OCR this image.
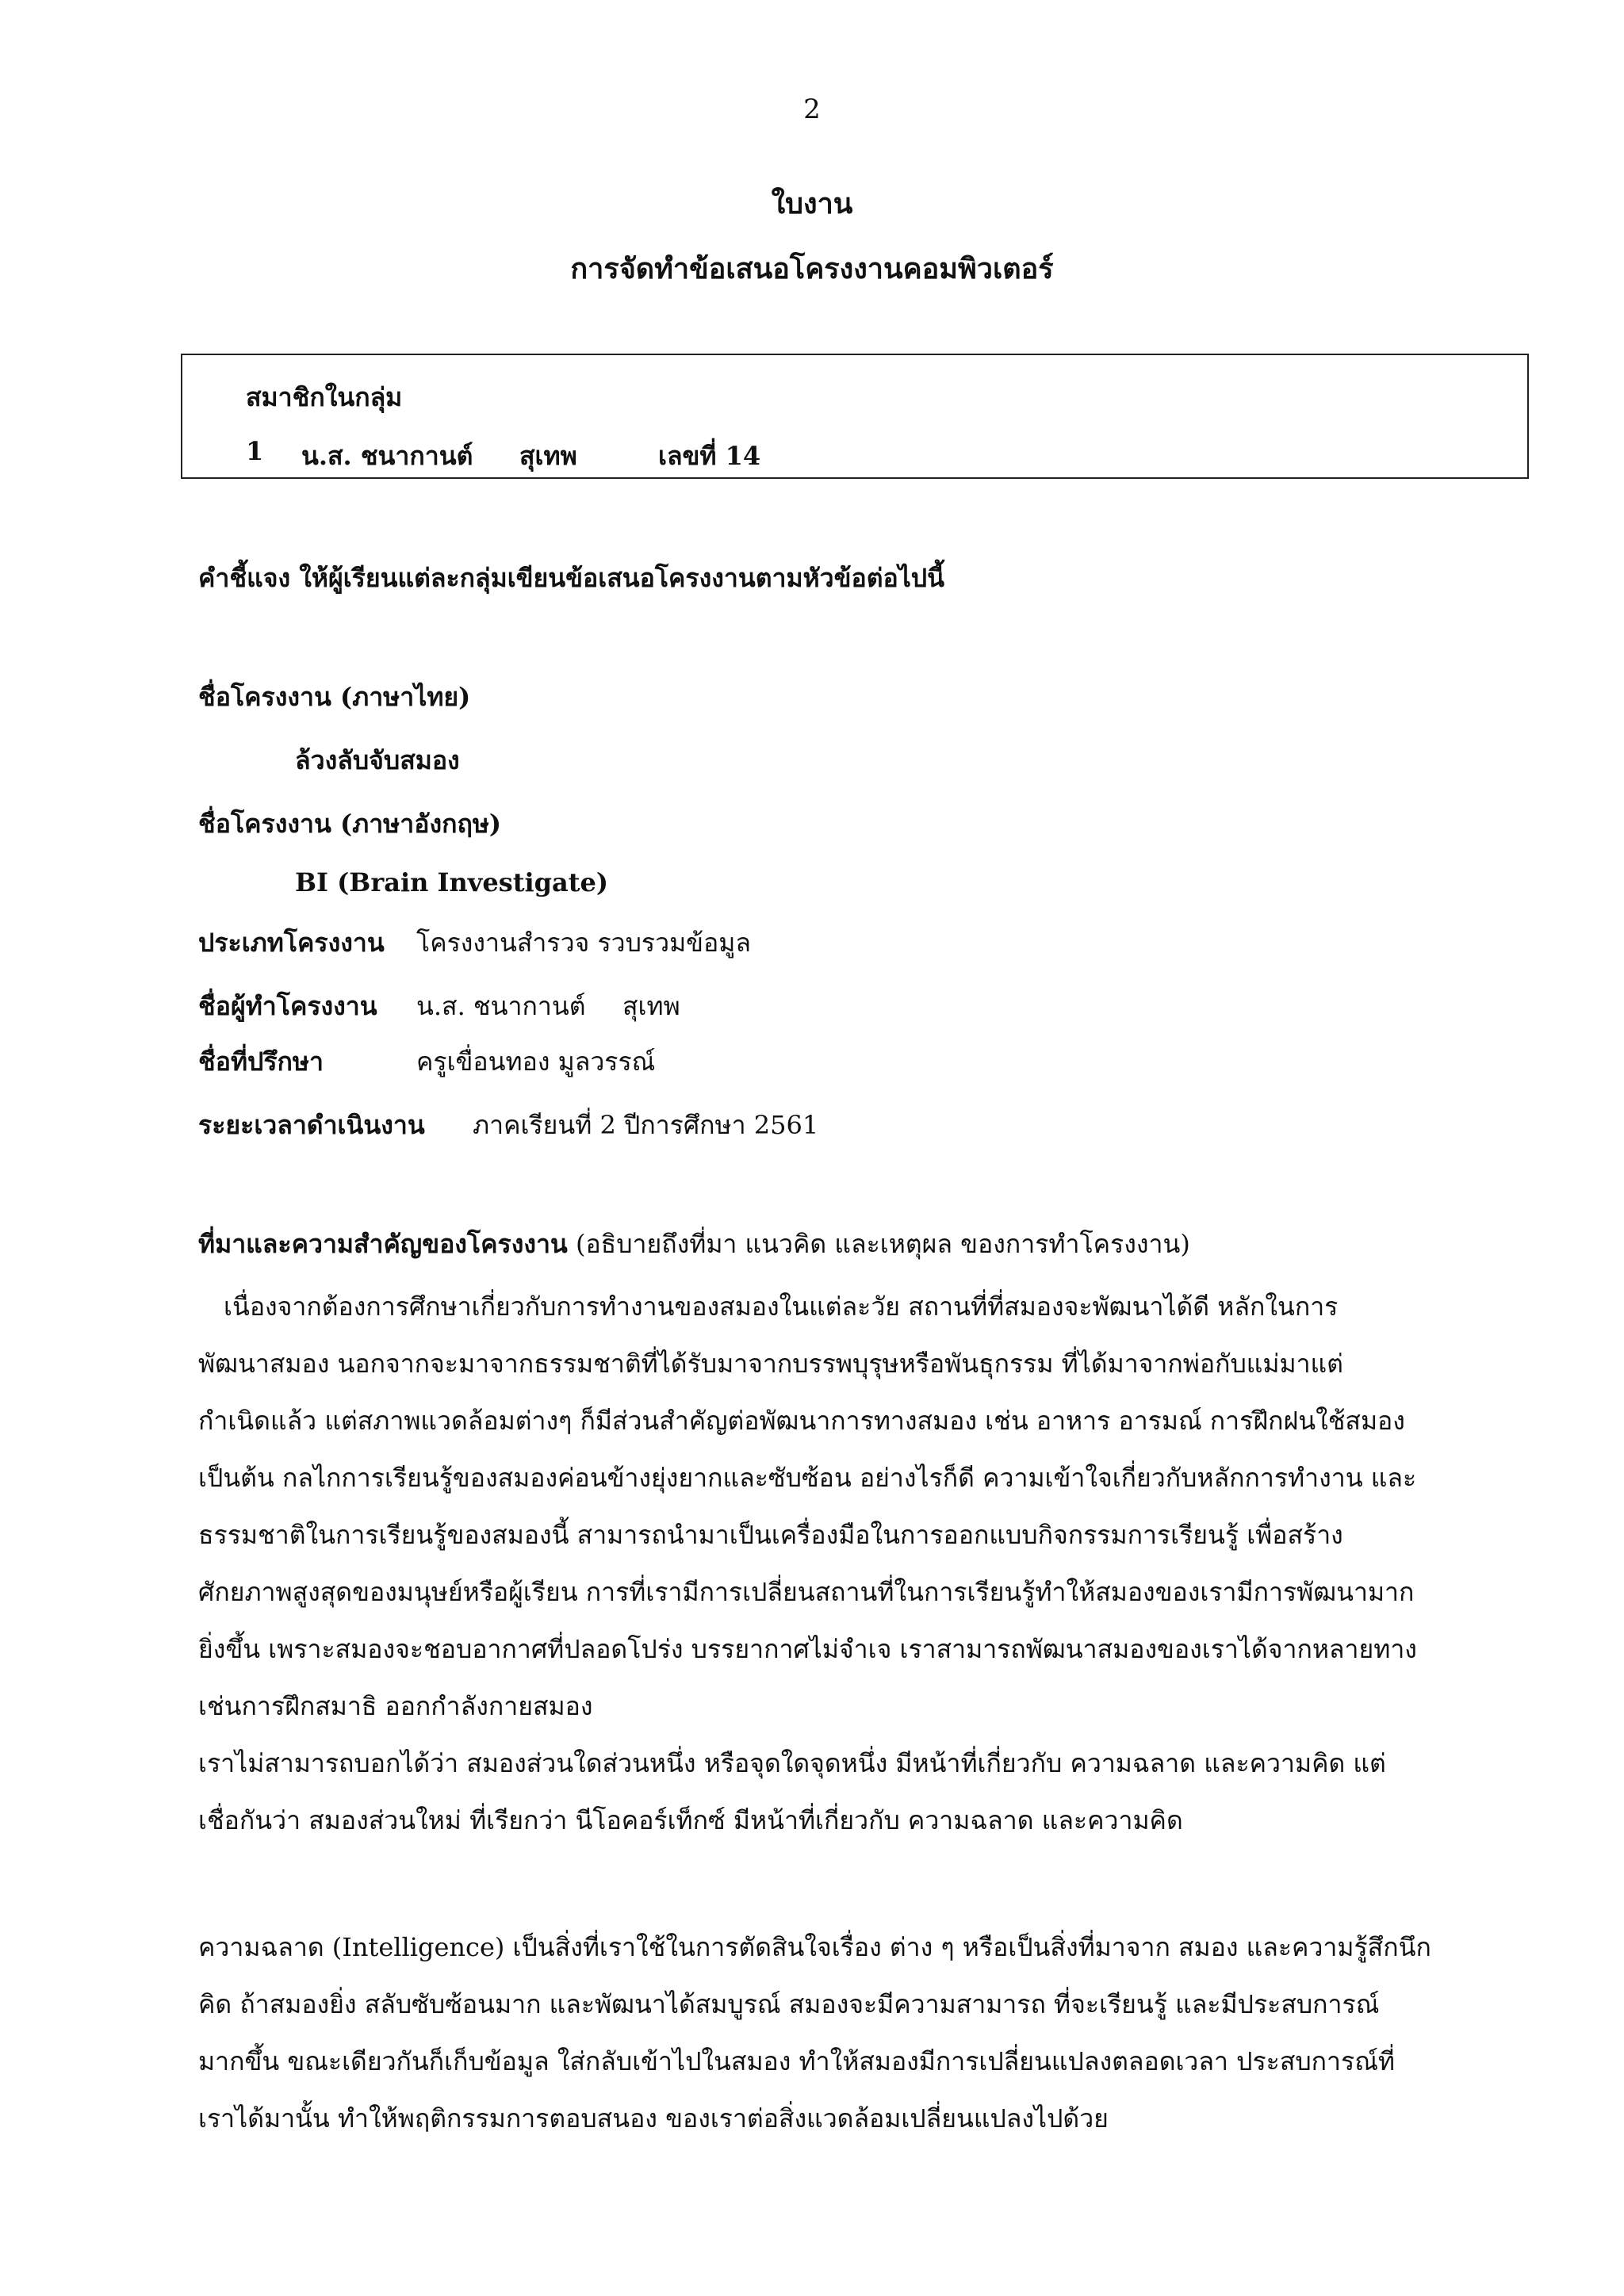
2
ใบงาน
การจัดทำข้อเสนอโครงงานคอมพิวเตอร์
สมาชิกในกลุ่ม
1 น.ส. ชนากานต์ สุเทพ	เลขที่ 14
คำชี้แจง ให้ผู้เรียนแต่ละกลุ่มเขียนข้อเสนอโครงงานตามหัวข้อต่อไปนี้
ชื่อโครงงาน (ภาษาไทย)
ล้วงลับจับสมอง
ชื่อโครงงาน (ภาษาอังกฤษ)
BI (Brain Investigate)
ประเภทโครงงาน โครงงานสำรวจ รวบรวมข้อมูล
ชื่อผู้ทำโครงงาน น.ส. ชนากานต์ สุเทพ
ชื่อที่ปรึกษา	ครูเขื่อนทอง มูลวรรณ์
ระยะเวลาดำเนินงาน ภาคเรียนที่ 2 ปีการศึกษา 2561
ที่มาและความสำคัญของโครงงาน (อธิบายถึงที่มา แนวคิด และเหตุผล ของการทำโครงงาน)

เนื่องจากต้องการศึกษาเกี่ยวกับการทำงานของสมองในแต่ละวัย สถานที่ที่สมองจะพัฒนาได้ดี หลักในการ

พัฒนาสมอง นอกจากจะมาจากธรรมชาติที่ได้รับมาจากบรรพบุรุษหรือพันธุกรรม ที่ได้มาจากพ่อกับแม่มาแต่

กำเนิดแล้ว แต่สภาพแวดล้อมต่างๆ ก็มีส่วนสำคัญต่อพัฒนาการทางสมอง เช่น อาหาร อารมณ์ การฝึกฝนใช้สมอง

เป็นต้น กลไกการเรียนรู้ของสมองค่อนข้างยุ่งยากและซับซ้อน อย่างไรก็ดี ความเข้าใจเกี่ยวกับหลักการทำงาน และ

ธรรมชาติในการเรียนรู้ของสมองนี้ สามารถนำมาเป็นเครื่องมือในการออกแบบกิจกรรมการเรียนรู้ เพื่อสร้าง

ศักยภาพสูงสุดของมนุษย์หรือผู้เรียน การที่เรามีการเปลี่ยนสถานที่ในการเรียนรู้ทำให้สมองของเรามีการพัฒนามาก

ยิ่งขึ้น เพราะสมองจะชอบอากาศที่ปลอดโปร่ง บรรยากาศไม่จำเจ เราสามารถพัฒนาสมองของเราได้จากหลายทาง

เช่นการฝึกสมาธิ ออกกำลังกายสมอง

เราไม่สามารถบอกได้ว่า สมองส่วนใดส่วนหนึ่ง หรือจุดใดจุดหนึ่ง มีหน้าที่เกี่ยวกับ ความฉลาด และความคิด แต่

เชื่อกันว่า สมองส่วนใหม่ ที่เรียกว่า นีโอคอร์เท็กซ์ มีหน้าที่เกี่ยวกับ ความฉลาด และความคิด

ความฉลาด (Intelligence) เป็นสิ่งที่เราใช้ในการตัดสินใจเรื่อง ต่าง ๆ หรือเป็นสิ่งที่มาจาก สมอง และความรู้สึกนึก

คิด ถ้าสมองยิ่ง สลับซับซ้อนมาก และพัฒนาได้สมบูรณ์ สมองจะมีความสามารถ ที่จะเรียนรู้ และมีประสบการณ์

มากขึ้น ขณะเดียวกันก็เก็บข้อมูล ใส่กลับเข้าไปในสมอง ทำให้สมองมีการเปลี่ยนแปลงตลอดเวลา ประสบการณ์ที่

เราได้มานั้น ทำให้พฤติกรรมการตอบสนอง ของเราต่อสิ่งแวดล้อมเปลี่ยนแปลงไปด้วย
